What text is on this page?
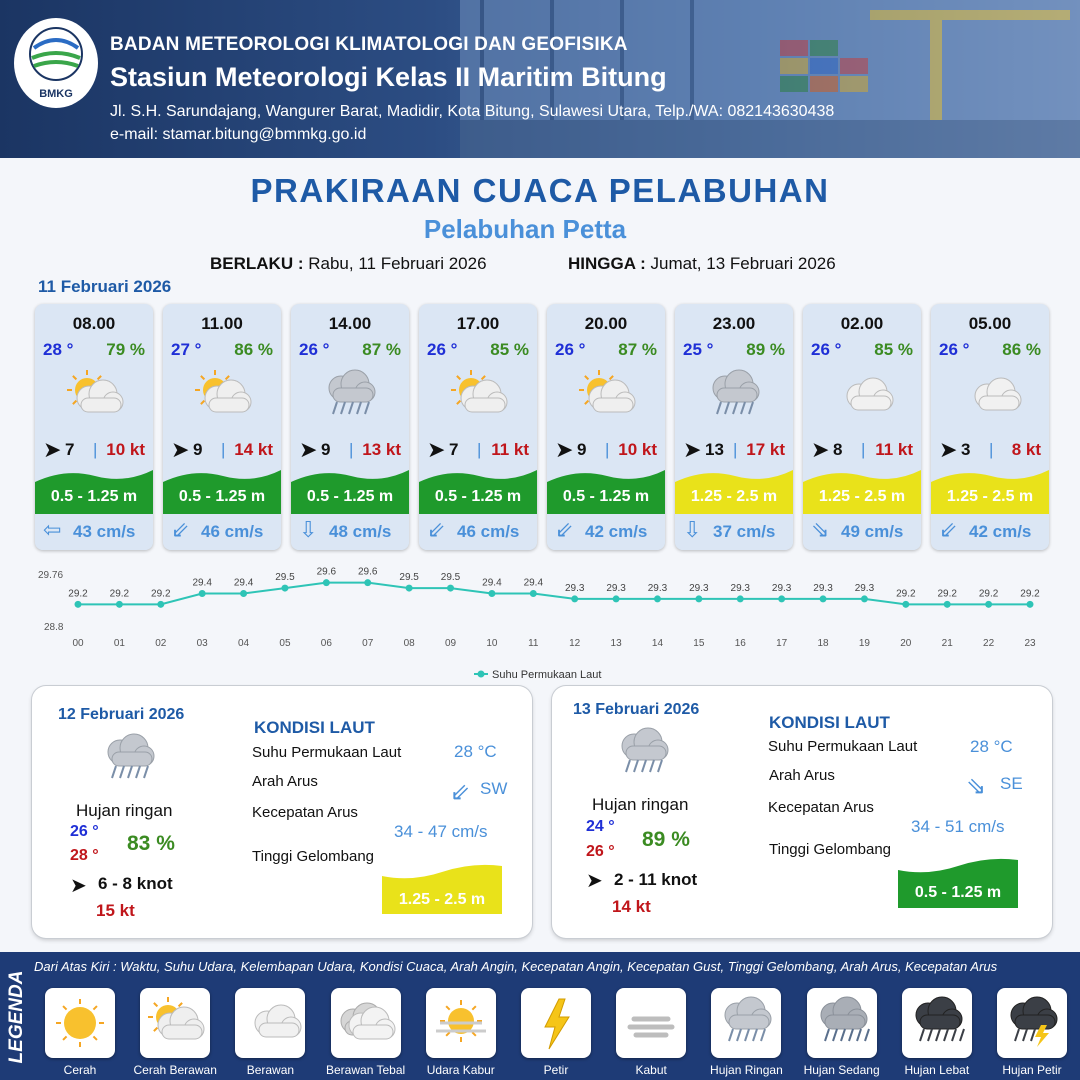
BMKG
BADAN METEOROLOGI KLIMATOLOGI DAN GEOFISIKA
Stasiun Meteorologi Kelas II Maritim Bitung
Jl. S.H. Sarundajang, Wangurer Barat, Madidir, Kota Bitung, Sulawesi Utara, Telp./WA: 082143630438
e-mail: stamar.bitung@bmmkg.go.id
PRAKIRAAN CUACA PELABUHAN
Pelabuhan Petta
BERLAKU : Rabu, 11 Februari 2026	HINGGA : Jumat, 13 Februari 2026
11 Februari 2026
08.00
28 ° 79 %
➤ 7 | 10 kt
0.5 - 1.25 m
⇦ 43 cm/s
11.00
27 ° 86 %
➤ 9 | 14 kt
0.5 - 1.25 m
⇙ 46 cm/s
14.00
26 ° 87 %
➤ 9 | 13 kt
0.5 - 1.25 m
⇩ 48 cm/s
17.00
26 ° 85 %
➤ 7 | 11 kt
0.5 - 1.25 m
⇙ 46 cm/s
20.00
26 ° 87 %
➤ 9 | 10 kt
0.5 - 1.25 m
⇙ 42 cm/s
23.00
25 ° 89 %
➤ 13 | 17 kt
1.25 - 2.5 m
⇩ 37 cm/s
02.00
26 ° 85 %
➤ 8 | 11 kt
1.25 - 2.5 m
⇘ 49 cm/s
05.00
26 ° 86 %
➤ 3 | 8 kt
1.25 - 2.5 m
⇙ 42 cm/s
29.76
28.8
29.2
00
29.2
01
29.2
02
29.4
03
29.4
04
29.5
05
29.6
06
29.6
07
29.5
08
29.5
09
29.4
10
29.4
11
29.3
12
29.3
13
29.3
14
29.3
15
29.3
16
29.3
17
29.3
18
29.3
19
29.2
20
29.2
21
29.2
22
29.2
23
Suhu Permukaan Laut
12 Februari 2026
Hujan ringan
26 °
28 °
83 %
➤ 6 - 8 knot
15 kt
KONDISI LAUT
Suhu Permukaan Laut	28 °C
Arah Arus	⇙ SW
Kecepatan Arus
34 - 47 cm/s
Tinggi Gelombang
1.25 - 2.5 m
13 Februari 2026
Hujan ringan
24 °
26 °
89 %
➤ 2 - 11 knot
14 kt
KONDISI LAUT
Suhu Permukaan Laut	28 °C
Arah Arus	⇘ SE
Kecepatan Arus
34 - 51 cm/s
Tinggi Gelombang
0.5 - 1.25 m
LEGENDA
Dari Atas Kiri : Waktu, Suhu Udara, Kelembapan Udara, Kondisi Cuaca, Arah Angin, Kecepatan Angin, Kecepatan Gust, Tinggi Gelombang, Arah Arus, Kecepatan Arus
Cerah	Cerah Berawan	Berawan	Berawan Tebal	Udara Kabur	Petir	Kabut	Hujan Ringan	Hujan Sedang	Hujan Lebat	Hujan Petir
